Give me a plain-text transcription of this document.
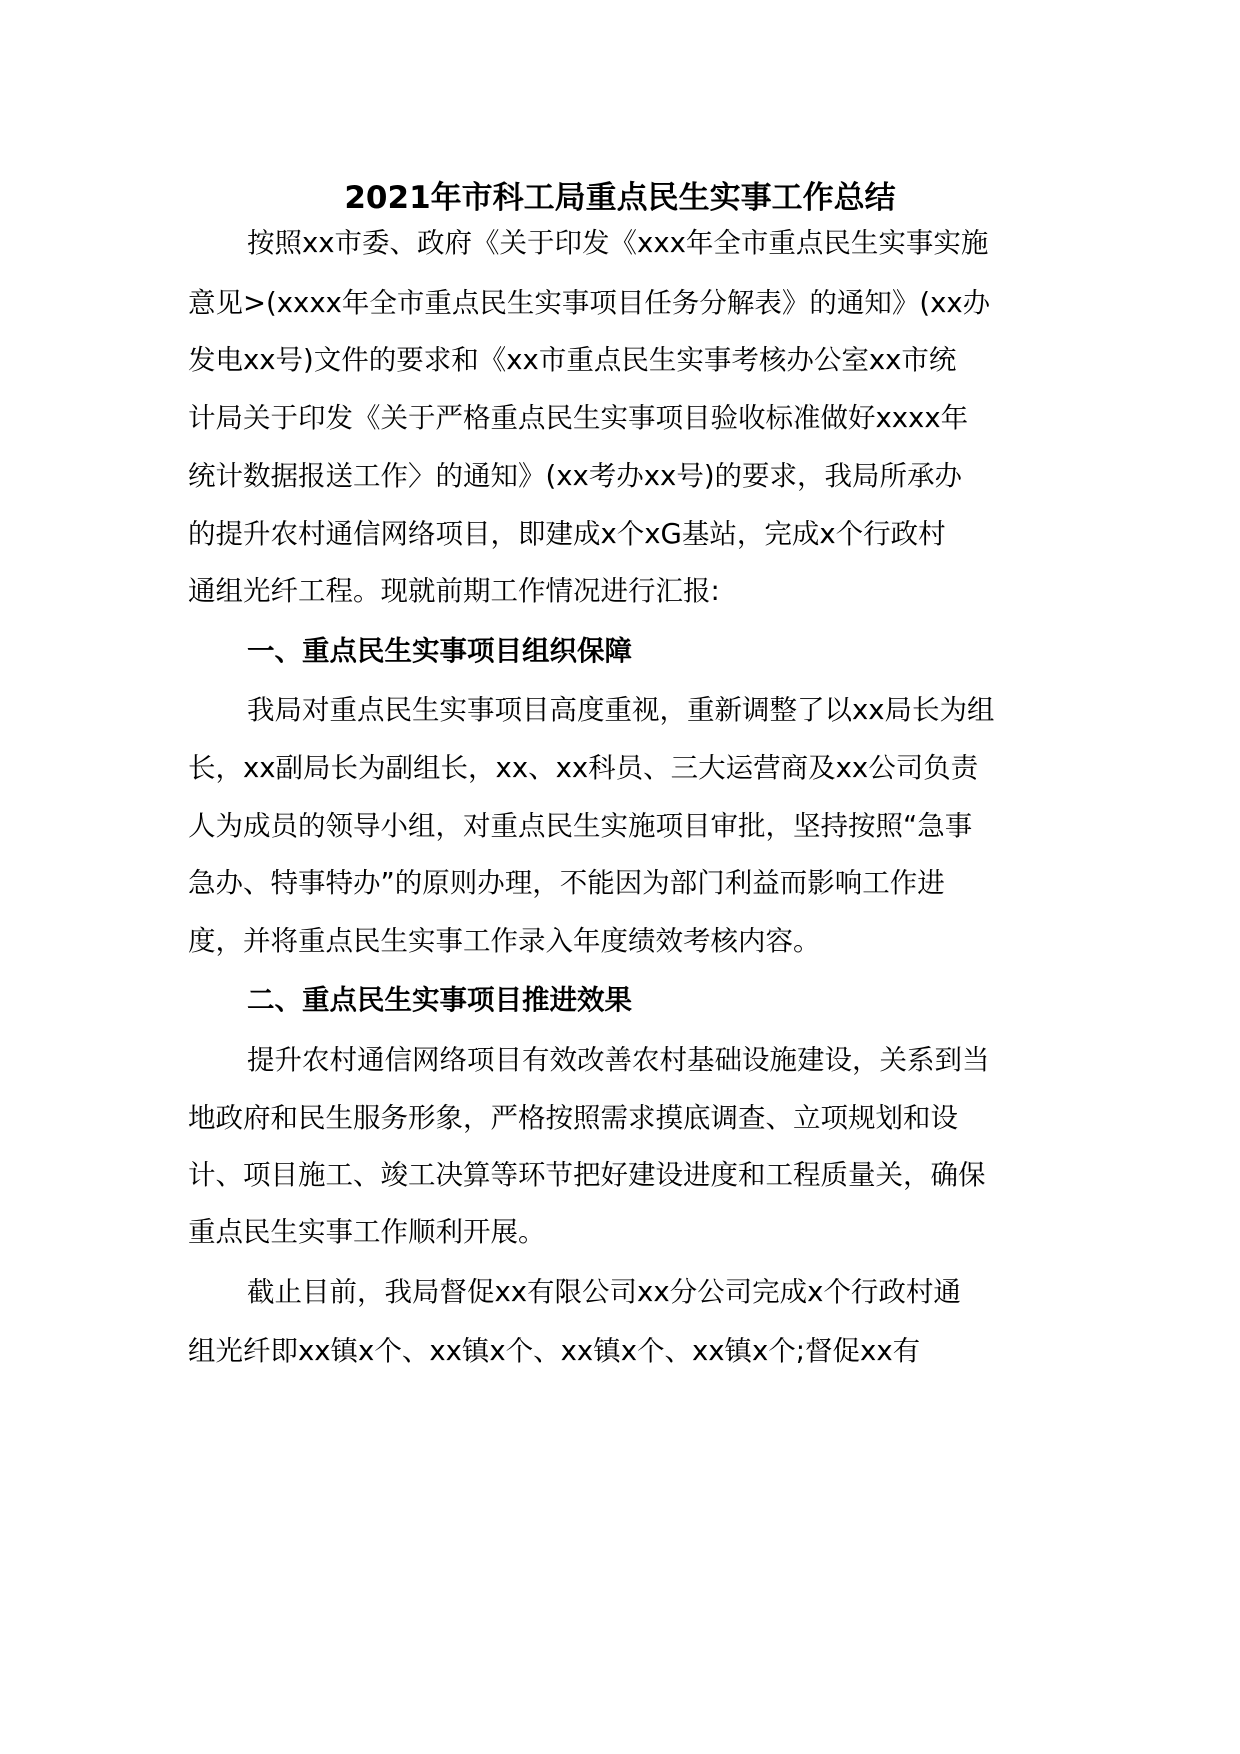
2021年市科工局重点民生实事工作总结
按照xx市委、政府《关于印发《xxx年全市重点民生实事实施
意见>(xxxx年全市重点民生实事项目任务分解表》的通知》(xx办
发电xx号)文件的要求和《xx市重点民生实事考核办公室xx市统
计局关于印发《关于严格重点民生实事项目验收标准做好xxxx年
统计数据报送工作〉的通知》(xx考办xx号)的要求，我局所承办
的提升农村通信网络项目，即建成x个xG基站，完成x个行政村
通组光纤工程。现就前期工作情况进行汇报:
一、重点民生实事项目组织保障
我局对重点民生实事项目高度重视，重新调整了以xx局长为组
长，xx副局长为副组长，xx、xx科员、三大运营商及xx公司负责
人为成员的领导小组，对重点民生实施项目审批，坚持按照“急事
急办、特事特办”的原则办理，不能因为部门利益而影响工作进
度，并将重点民生实事工作录入年度绩效考核内容。
二、重点民生实事项目推进效果
提升农村通信网络项目有效改善农村基础设施建设，关系到当
地政府和民生服务形象，严格按照需求摸底调查、立项规划和设
计、项目施工、竣工决算等环节把好建设进度和工程质量关，确保
重点民生实事工作顺利开展。
截止目前，我局督促xx有限公司xx分公司完成x个行政村通
组光纤即xx镇x个、xx镇x个、xx镇x个、xx镇x个;督促xx有
